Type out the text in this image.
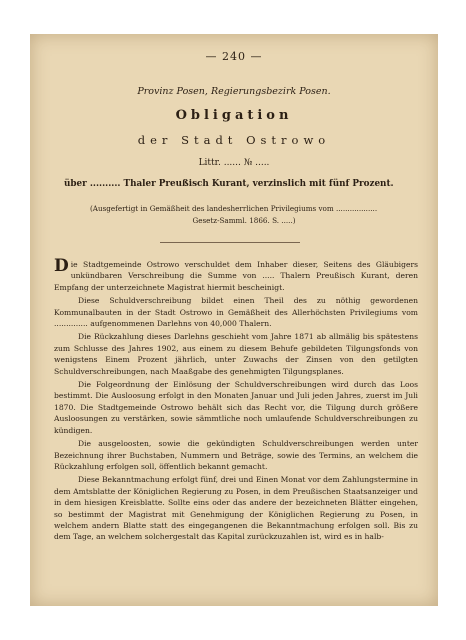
— 240 —
Provinz Posen, Regierungsbezirk Posen.
Obligation
der Stadt Ostrowo
Littr. ...... № .....
über .......... Thaler Preußisch Kurant, verzinslich mit fünf Prozent.
(Ausgefertigt in Gemäßheit des landesherrlichen Privilegiums vom ..................
Gesetz-Samml. 1866. S. .....)

Die Stadtgemeinde Ostrowo verschuldet dem Inhaber dieser, Seitens des Gläubigers unkündbaren Verschreibung die Summe von ..... Thalern Preußisch Kurant, deren Empfang der unterzeichnete Magistrat hiermit bescheinigt.

Diese Schuldverschreibung bildet einen Theil des zu nöthig gewordenen Kommunalbauten in der Stadt Ostrowo in Gemäßheit des Allerhöchsten Privilegiums vom .............. aufgenommenen Darlehns von 40,000 Thalern.

Die Rückzahlung dieses Darlehns geschieht vom Jahre 1871 ab allmälig bis spätestens zum Schlusse des Jahres 1902, aus einem zu diesem Behufe gebildeten Tilgungsfonds von wenigstens Einem Prozent jährlich, unter Zuwachs der Zinsen von den getilgten Schuldverschreibungen, nach Maaßgabe des genehmigten Tilgungsplanes.

Die Folgeordnung der Einlösung der Schuldverschreibungen wird durch das Loos bestimmt. Die Ausloosung erfolgt in den Monaten Januar und Juli jeden Jahres, zuerst im Juli 1870. Die Stadtgemeinde Ostrowo behält sich das Recht vor, die Tilgung durch größere Ausloosungen zu verstärken, sowie sämmtliche noch umlaufende Schuldverschreibungen zu kündigen.

Die ausgeloosten, sowie die gekündigten Schuldverschreibungen werden unter Bezeichnung ihrer Buchstaben, Nummern und Beträge, sowie des Termins, an welchem die Rückzahlung erfolgen soll, öffentlich bekannt gemacht.

Diese Bekanntmachung erfolgt fünf, drei und Einen Monat vor dem Zahlungstermine in dem Amtsblatte der Königlichen Regierung zu Posen, in dem Preußischen Staatsanzeiger und in dem hiesigen Kreisblatte. Sollte eins oder das andere der bezeichneten Blätter eingehen, so bestimmt der Magistrat mit Genehmigung der Königlichen Regierung zu Posen, in welchem andern Blatte statt des eingegangenen die Bekanntmachung erfolgen soll. Bis zu dem Tage, an welchem solchergestalt das Kapital zurückzuzahlen ist, wird es in halb-
